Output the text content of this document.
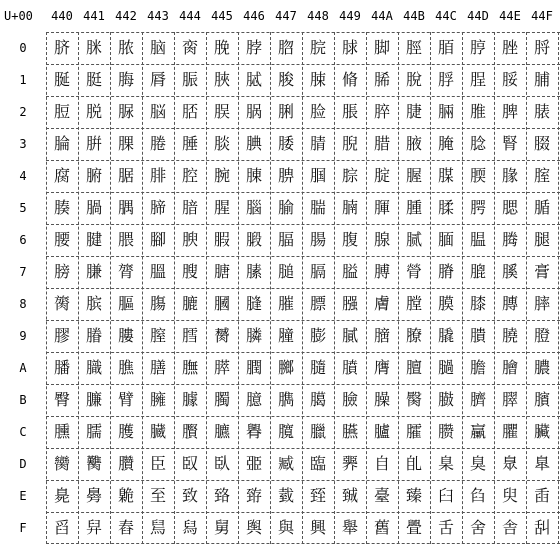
U+00	440 441 442 443 444 445 446 447 448 449 44A 44B 44C 44D 44E 44F
0
1
2
3
4
5
6
7
8
9
A
B
C
D
E
F
脐 脒 脓 脑 脔 脕 脖 脗 脘 脙 脚 脛 脜 脝 脞 脟
脠 脡 脢 脣 脤 脥 脦 脧 脨 脩 脪 脫 脬 脭 脮 脯
脰 脱 脲 脳 脴 脵 脶 脷 脸 脹 脺 脻 脼 脽 脾 脿
腀 腁 腂 腃 腄 腅 腆 腇 腈 腉 腊 腋 腌 腍 腎 腏
腐 腑 腒 腓 腔 腕 腖 腗 腘 腙 腚 腛 腜 腝 腞 腟
腠 腡 腢 腣 腤 腥 腦 腧 腨 腩 腪 腫 腬 腭 腮 腯
腰 腱 腲 腳 腴 腵 腶 腷 腸 腹 腺 腻 腼 腽 腾 腿
膀 膁 膂 膃 膄 膅 膆 膇 膈 膉 膊 膋 膌 膍 膎 膏
膐 膑 膒 膓 膔 膕 膖 膗 膘 膙 膚 膛 膜 膝 膞 膟
膠 膡 膢 膣 膤 膥 膦 膧 膨 膩 膪 膫 膬 膭 膮 膯
膰 膱 膲 膳 膴 膵 膶 膷 膸 膹 膺 膻 膼 膽 膾 膿
臀 臁 臂 臃 臄 臅 臆 臇 臈 臉 臊 臋 臌 臍 臎 臏
臐 臑 臒 臓 臔 臕 臖 臗 臘 臙 臚 臛 臜 臝 臞 臟
臠 臡 臢 臣 臤 臥 臦 臧 臨 臩 自 臫 臬 臭 臮 臯
臰 臱 臲 至 致 臵 臶 臷 臸 臹 臺 臻 臼 臽 臾 臿
舀 舁 舂 舃 舄 舅 舆 與 興 舉 舊 舋 舌 舍 舎 舏
